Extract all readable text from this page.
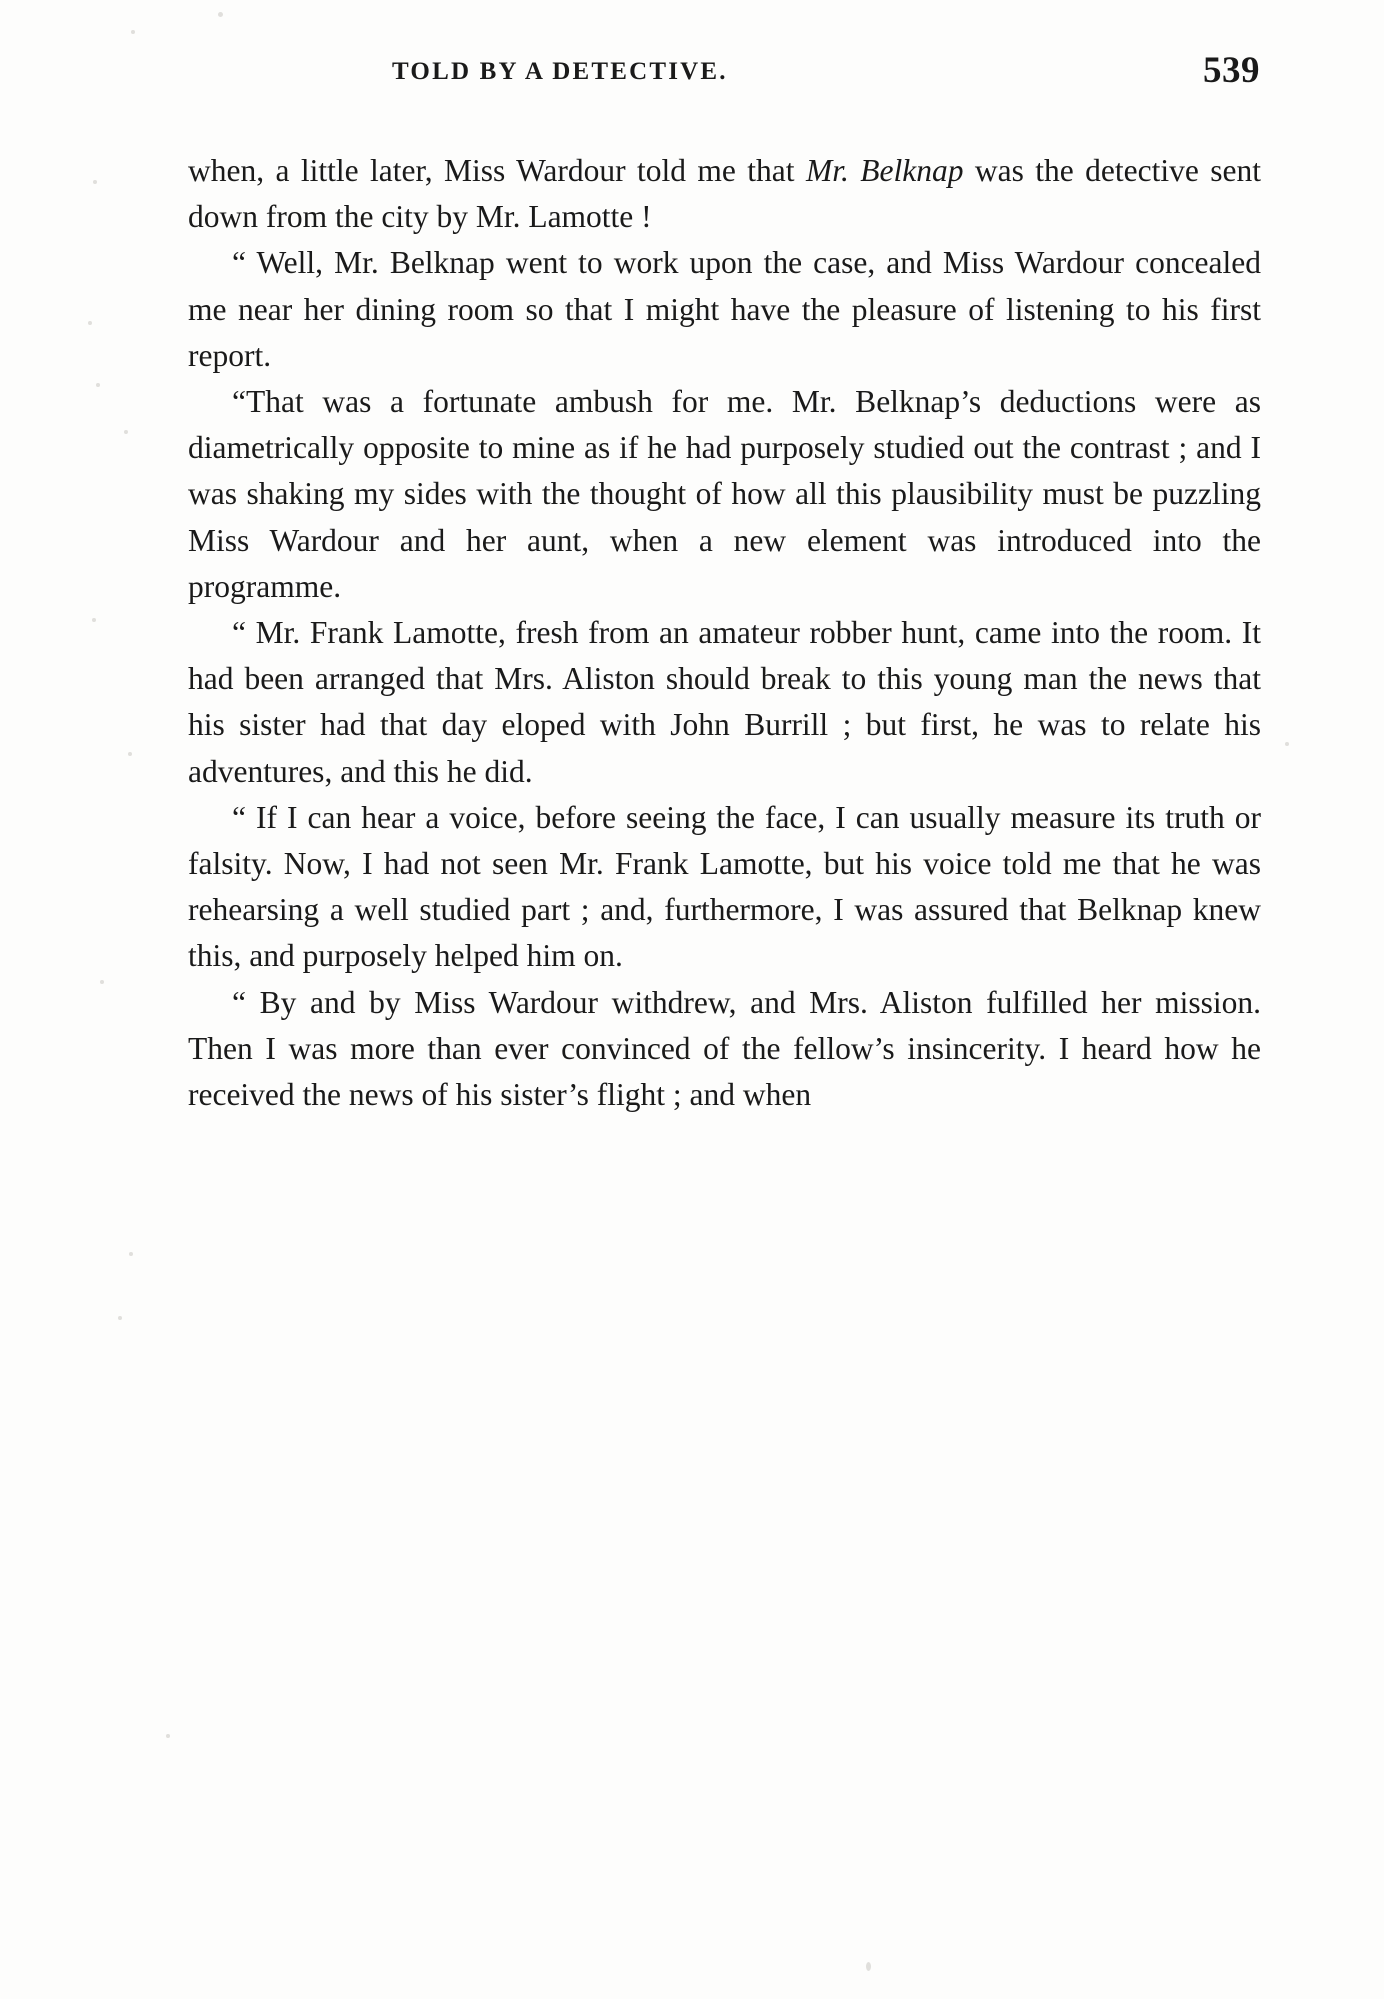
TOLD BY A DETECTIVE.	539

when, a little later, Miss Wardour told me that Mr. Belknap was the detective sent down from the city by Mr. Lamotte !

“ Well, Mr. Belknap went to work upon the case, and Miss Wardour concealed me near her dining room so that I might have the pleasure of listening to his first report.

“That was a fortunate ambush for me. Mr. Belknap’s deductions were as diametrically opposite to mine as if he had purposely studied out the contrast ; and I was shaking my sides with the thought of how all this plausibility must be puzzling Miss Wardour and her aunt, when a new element was introduced into the programme.

“ Mr. Frank Lamotte, fresh from an amateur robber hunt, came into the room. It had been arranged that Mrs. Aliston should break to this young man the news that his sister had that day eloped with John Burrill ; but first, he was to relate his adventures, and this he did.

“ If I can hear a voice, before seeing the face, I can usually measure its truth or falsity. Now, I had not seen Mr. Frank Lamotte, but his voice told me that he was rehearsing a well studied part ; and, furthermore, I was assured that Belknap knew this, and purposely helped him on.

“ By and by Miss Wardour withdrew, and Mrs. Aliston fulfilled her mission. Then I was more than ever convinced of the fellow’s insincerity. I heard how he received the news of his sister’s flight ; and when
